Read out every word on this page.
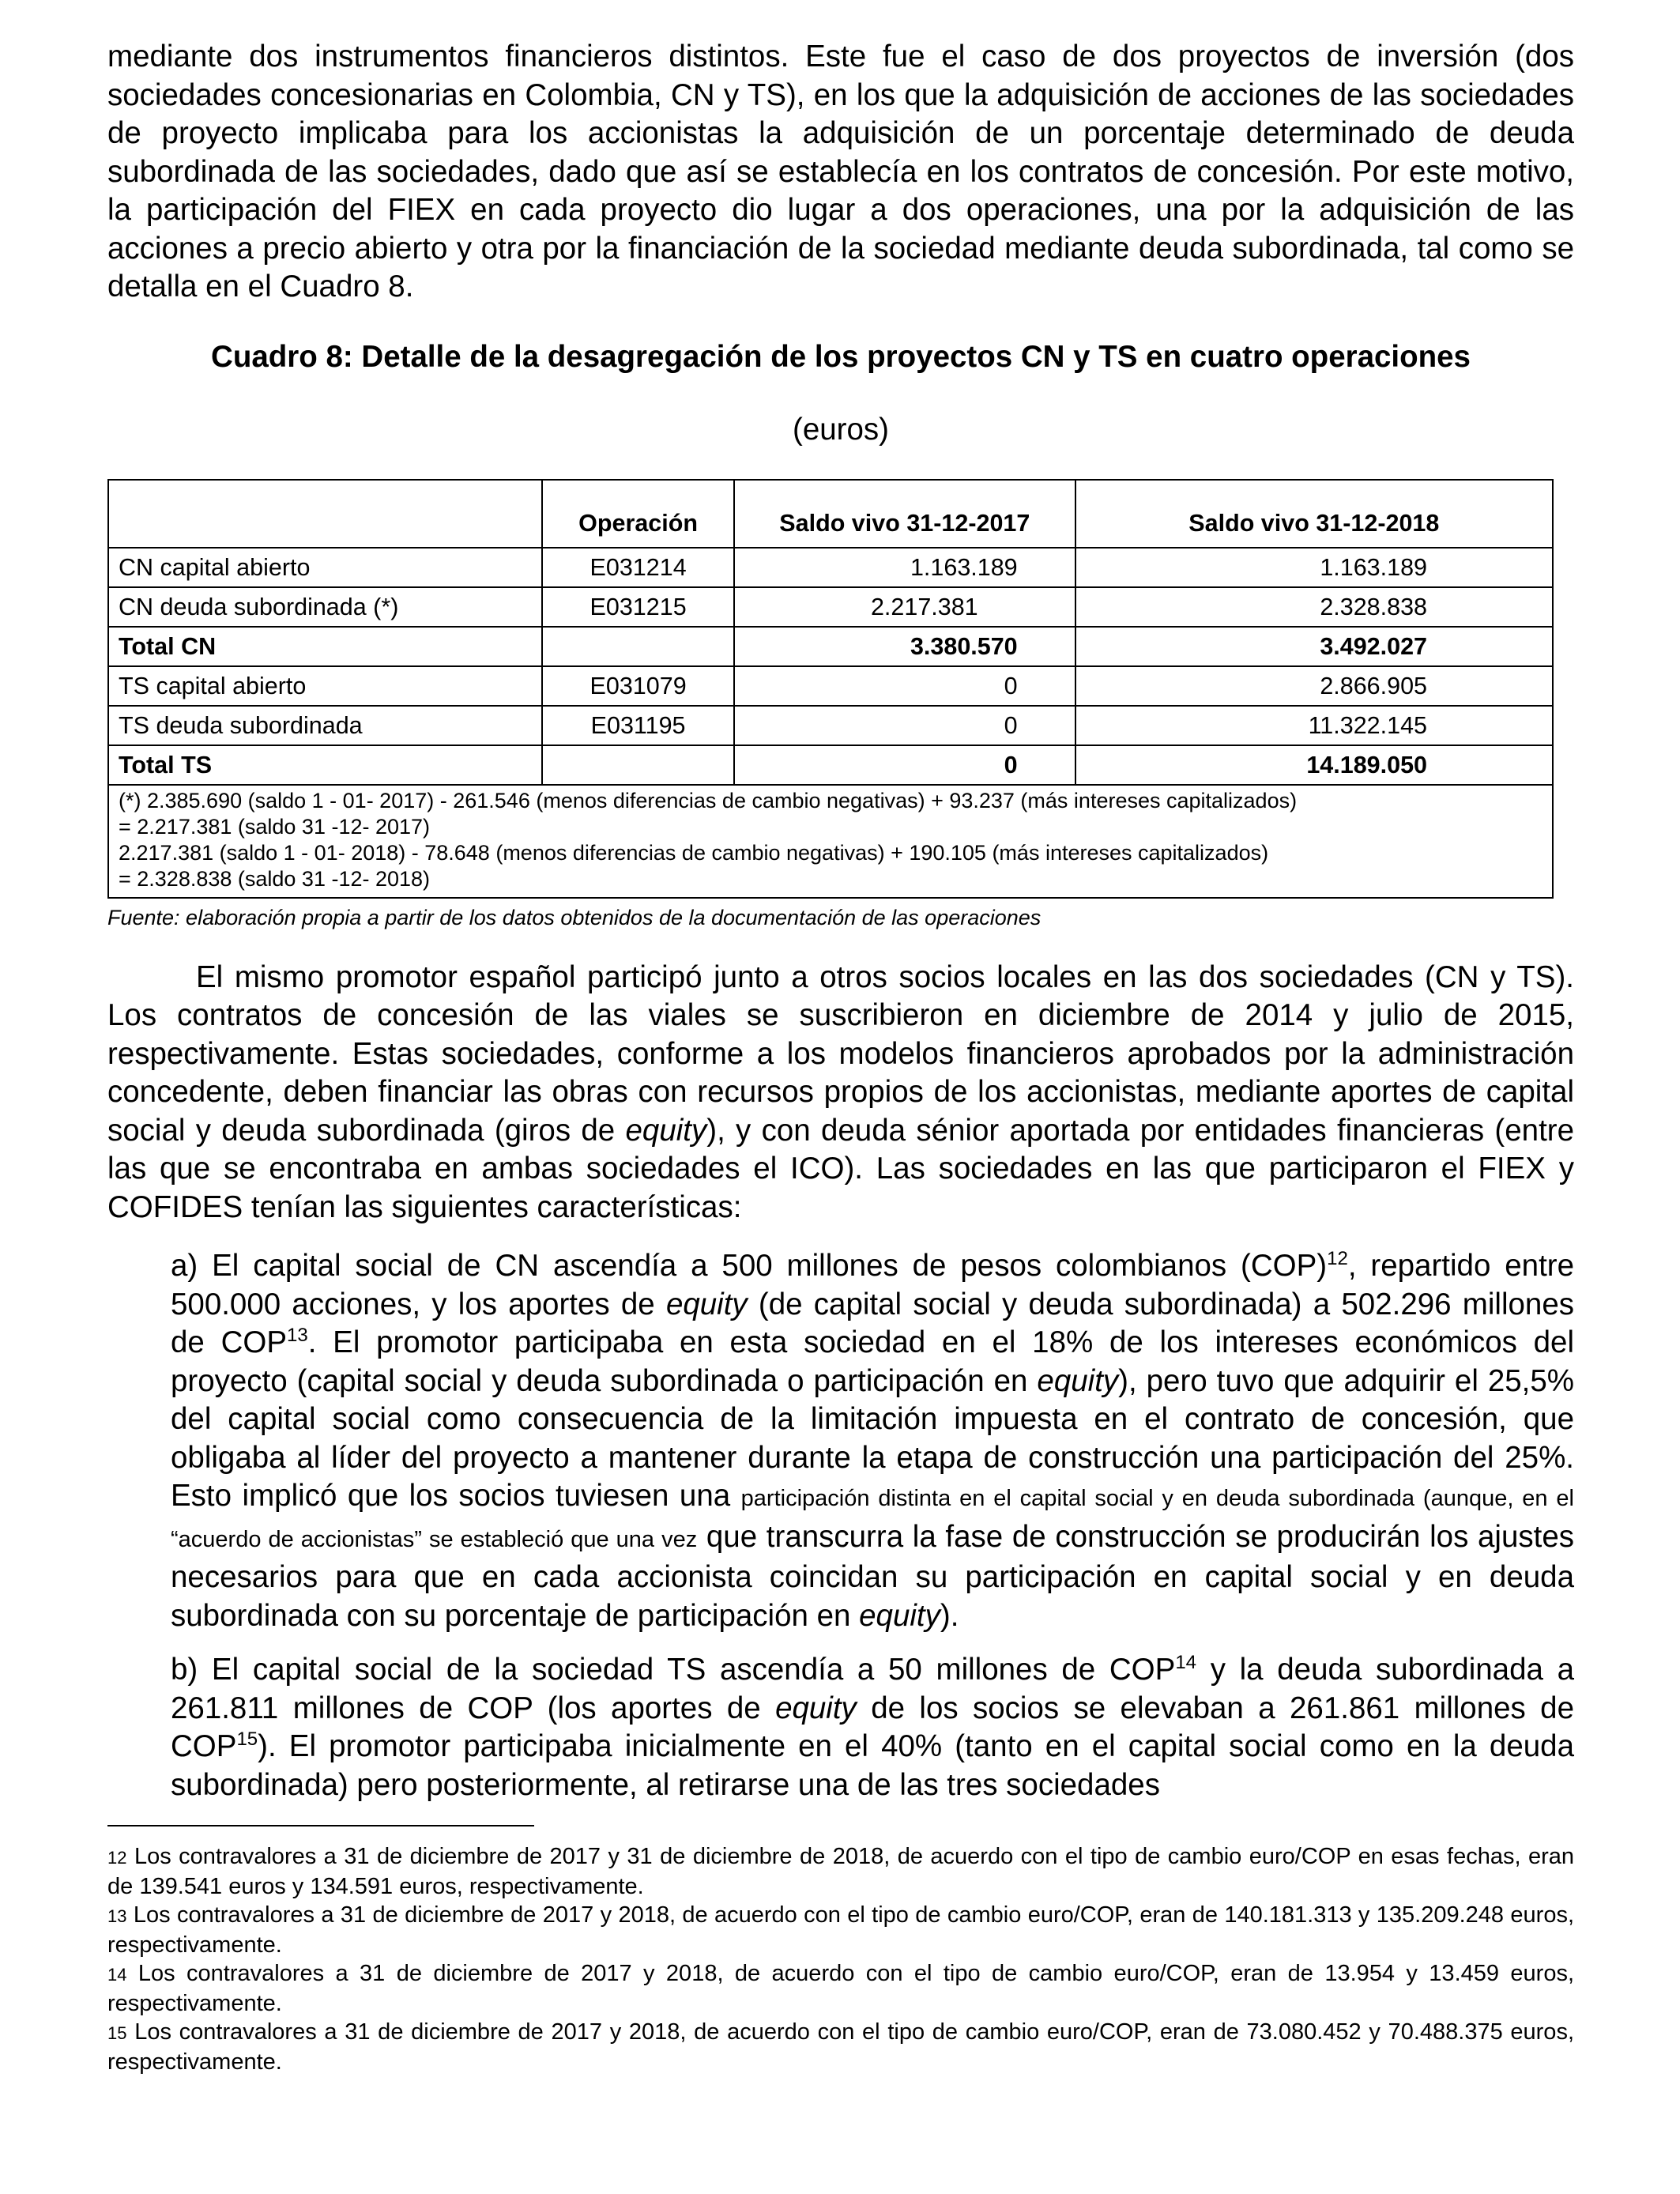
mediante dos instrumentos financieros distintos. Este fue el caso de dos proyectos de inversión (dos sociedades concesionarias en Colombia, CN y TS), en los que la adquisición de acciones de las sociedades de proyecto implicaba para los accionistas la adquisición de un porcentaje determinado de deuda subordinada de las sociedades, dado que así se establecía en los contratos de concesión. Por este motivo, la participación del FIEX en cada proyecto dio lugar a dos operaciones, una por la adquisición de las acciones a precio abierto y otra por la financiación de la sociedad mediante deuda subordinada, tal como se detalla en el Cuadro 8.

Cuadro 8: Detalle de la desagregación de los proyectos CN y TS en cuatro operaciones
(euros)
	Operación	Saldo vivo 31-12-2017	Saldo vivo 31-12-2018
CN capital abierto	E031214	1.163.189	1.163.189
CN deuda subordinada (*)	E031215	2.217.381	2.328.838
Total CN		3.380.570	3.492.027
TS capital abierto	E031079	0	2.866.905
TS deuda subordinada	E031195	0	11.322.145
Total TS		0	14.189.050

(*) 2.385.690 (saldo 1 - 01- 2017) - 261.546 (menos diferencias de cambio negativas) + 93.237 (más intereses capitalizados)
= 2.217.381 (saldo 31 -12- 2017)
2.217.381 (saldo 1 - 01- 2018) - 78.648 (menos diferencias de cambio negativas) + 190.105 (más intereses capitalizados)
= 2.328.838 (saldo 31 -12- 2018)			

Fuente: elaboración propia a partir de los datos obtenidos de la documentación de las operaciones

El mismo promotor español participó junto a otros socios locales en las dos sociedades (CN y TS). Los contratos de concesión de las viales se suscribieron en diciembre de 2014 y julio de 2015, respectivamente. Estas sociedades, conforme a los modelos financieros aprobados por la administración concedente, deben financiar las obras con recursos propios de los accionistas, mediante aportes de capital social y deuda subordinada (giros de equity), y con deuda sénior aportada por entidades financieras (entre las que se encontraba en ambas sociedades el ICO). Las sociedades en las que participaron el FIEX y COFIDES tenían las siguientes características:

a) El capital social de CN ascendía a 500 millones de pesos colombianos (COP)$^{12}$, repartido entre 500.000 acciones, y los aportes de equity (de capital social y deuda subordinada) a 502.296 millones de COP$^{13}$. El promotor participaba en esta sociedad en el 18% de los intereses económicos del proyecto (capital social y deuda subordinada o participación en equity), pero tuvo que adquirir el 25,5% del capital social como consecuencia de la limitación impuesta en el contrato de concesión, que obligaba al líder del proyecto a mantener durante la etapa de construcción una participación del 25%. Esto implicó que los socios tuviesen una participación distinta en el capital social y en deuda subordinada (aunque, en el “acuerdo de accionistas” se estableció que una vez que transcurra la fase de construcción se producirán los ajustes necesarios para que en cada accionista coincidan su participación en capital social y en deuda subordinada con su porcentaje de participación en equity).

b) El capital social de la sociedad TS ascendía a 50 millones de COP$^{14}$ y la deuda subordinada a 261.811 millones de COP (los aportes de equity de los socios se elevaban a 261.861 millones de COP$^{15}$). El promotor participaba inicialmente en el 40% (tanto en el capital social como en la deuda subordinada) pero posteriormente, al retirarse una de las tres sociedades

12 Los contravalores a 31 de diciembre de 2017 y 31 de diciembre de 2018, de acuerdo con el tipo de cambio euro/COP en esas fechas, eran de 139.541 euros y 134.591 euros, respectivamente.

13 Los contravalores a 31 de diciembre de 2017 y 2018, de acuerdo con el tipo de cambio euro/COP, eran de 140.181.313 y 135.209.248 euros, respectivamente.

14 Los contravalores a 31 de diciembre de 2017 y 2018, de acuerdo con el tipo de cambio euro/COP, eran de 13.954 y 13.459 euros, respectivamente.

15 Los contravalores a 31 de diciembre de 2017 y 2018, de acuerdo con el tipo de cambio euro/COP, eran de 73.080.452 y 70.488.375 euros, respectivamente.
